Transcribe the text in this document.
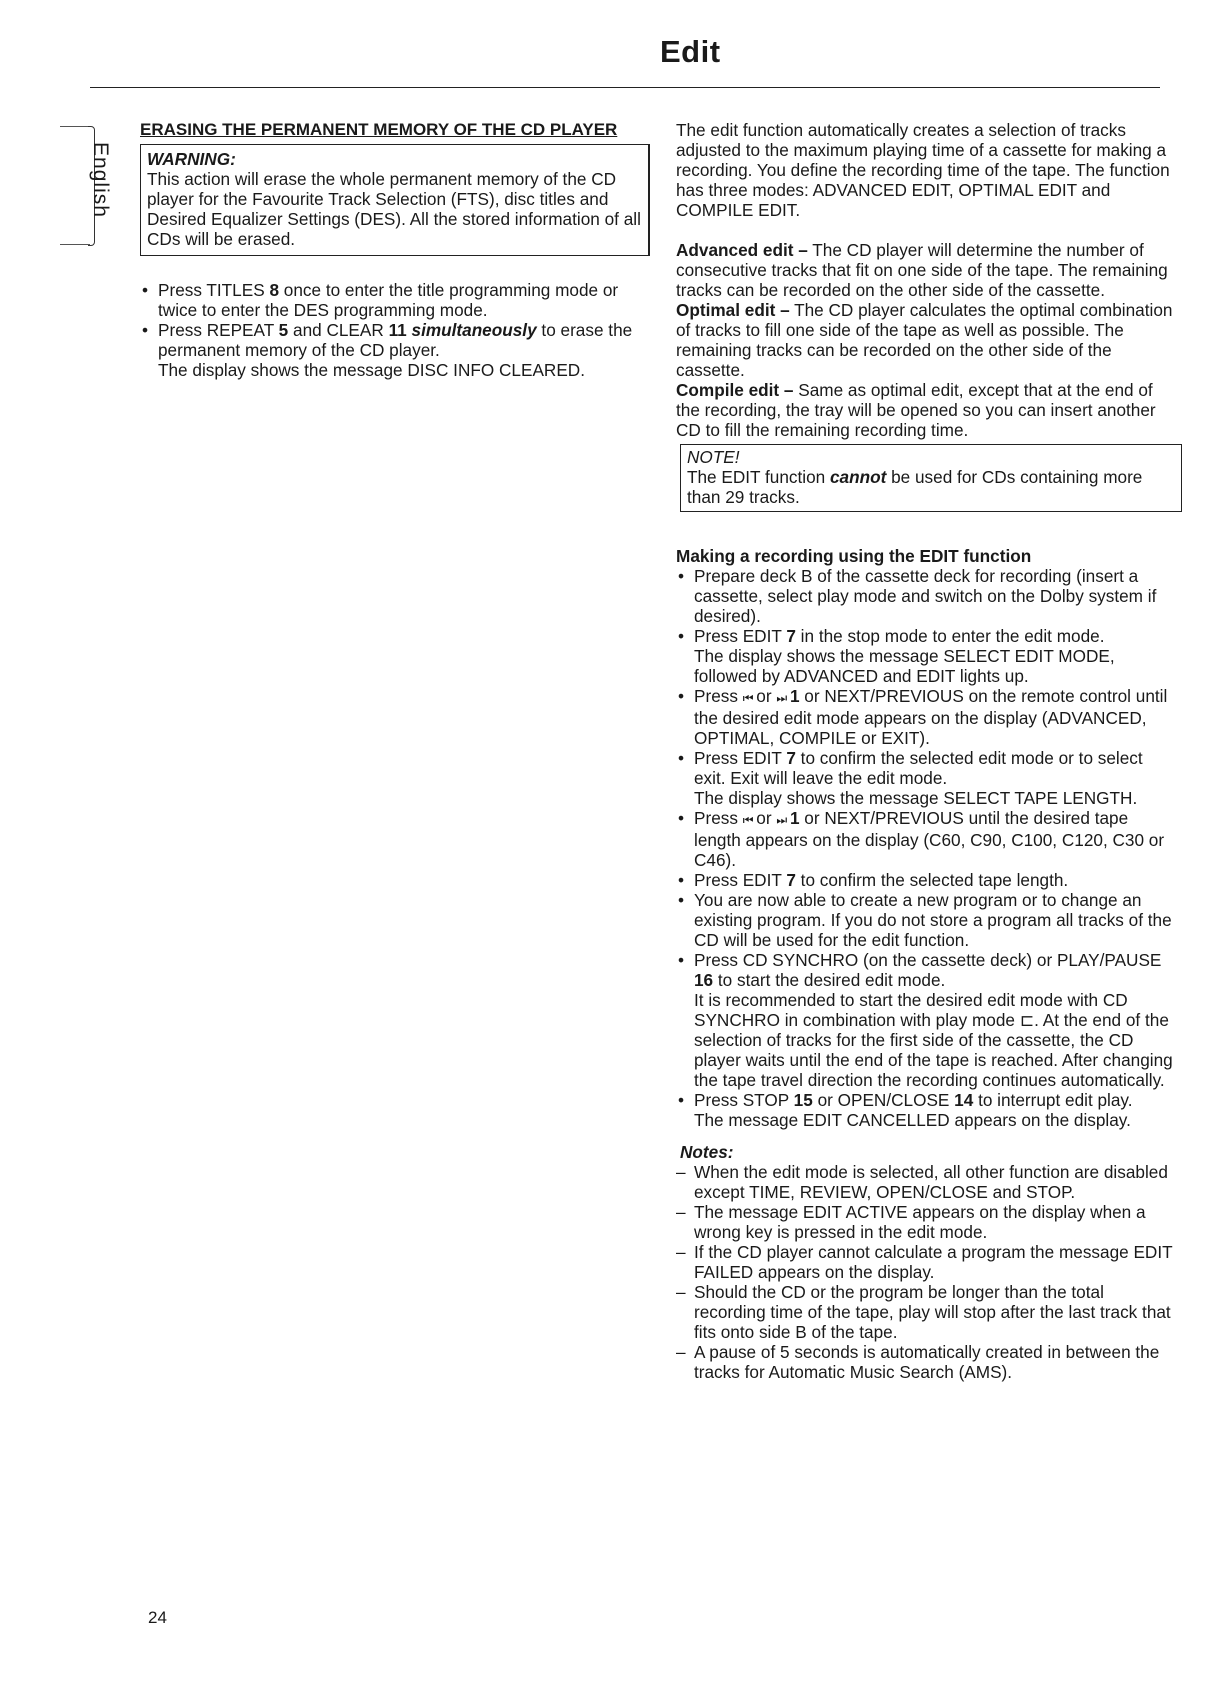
Edit
English
ERASING THE PERMANENT MEMORY OF THE CD PLAYER
WARNING:
This action will erase the whole permanent memory of the CD player for the Favourite Track Selection (FTS), disc titles and Desired Equalizer Settings (DES). All the stored information of all CDs will be erased.
• Press TITLES 8 once to enter the title programming mode or twice to enter the DES programming mode.
• Press REPEAT 5 and CLEAR 11 simultaneously to erase the permanent memory of the CD player.
The display shows the message DISC INFO CLEARED.

The edit function automatically creates a selection of tracks adjusted to the maximum playing time of a cassette for making a recording. You define the recording time of the tape. The function has three modes: ADVANCED EDIT, OPTIMAL EDIT and COMPILE EDIT.

Advanced edit – The CD player will determine the number of consecutive tracks that fit on one side of the tape. The remaining tracks can be recorded on the other side of the cassette.

Optimal edit – The CD player calculates the optimal combination of tracks to fill one side of the tape as well as possible. The remaining tracks can be recorded on the other side of the cassette.

Compile edit – Same as optimal edit, except that at the end of the recording, the tray will be opened so you can insert another CD to fill the remaining recording time.

NOTE!
The EDIT function cannot be used for CDs containing more than 29 tracks.
Making a recording using the EDIT function
• Prepare deck B of the cassette deck for recording (insert a cassette, select play mode and switch on the Dolby system if desired).
• Press EDIT 7 in the stop mode to enter the edit mode.
The display shows the message SELECT EDIT MODE, followed by ADVANCED and EDIT lights up.
• Press ⏮ or ⏭ 1 or NEXT/PREVIOUS on the remote control until the desired edit mode appears on the display (ADVANCED, OPTIMAL, COMPILE or EXIT).
• Press EDIT 7 to confirm the selected edit mode or to select exit. Exit will leave the edit mode.
The display shows the message SELECT TAPE LENGTH.
• Press ⏮ or ⏭ 1 or NEXT/PREVIOUS until the desired tape length appears on the display (C60, C90, C100, C120, C30 or C46).
• Press EDIT 7 to confirm the selected tape length.
• You are now able to create a new program or to change an existing program. If you do not store a program all tracks of the CD will be used for the edit function.
• Press CD SYNCHRO (on the cassette deck) or PLAY/PAUSE 16 to start the desired edit mode.
It is recommended to start the desired edit mode with CD SYNCHRO in combination with play mode ⊏. At the end of the selection of tracks for the first side of the cassette, the CD player waits until the end of the tape is reached. After changing the tape travel direction the recording continues automatically.
• Press STOP 15 or OPEN/CLOSE 14 to interrupt edit play.
The message EDIT CANCELLED appears on the display.
Notes:
– When the edit mode is selected, all other function are disabled except TIME, REVIEW, OPEN/CLOSE and STOP.
– The message EDIT ACTIVE appears on the display when a wrong key is pressed in the edit mode.
– If the CD player cannot calculate a program the message EDIT FAILED appears on the display.
– Should the CD or the program be longer than the total recording time of the tape, play will stop after the last track that fits onto side B of the tape.
– A pause of 5 seconds is automatically created in between the tracks for Automatic Music Search (AMS).
24
